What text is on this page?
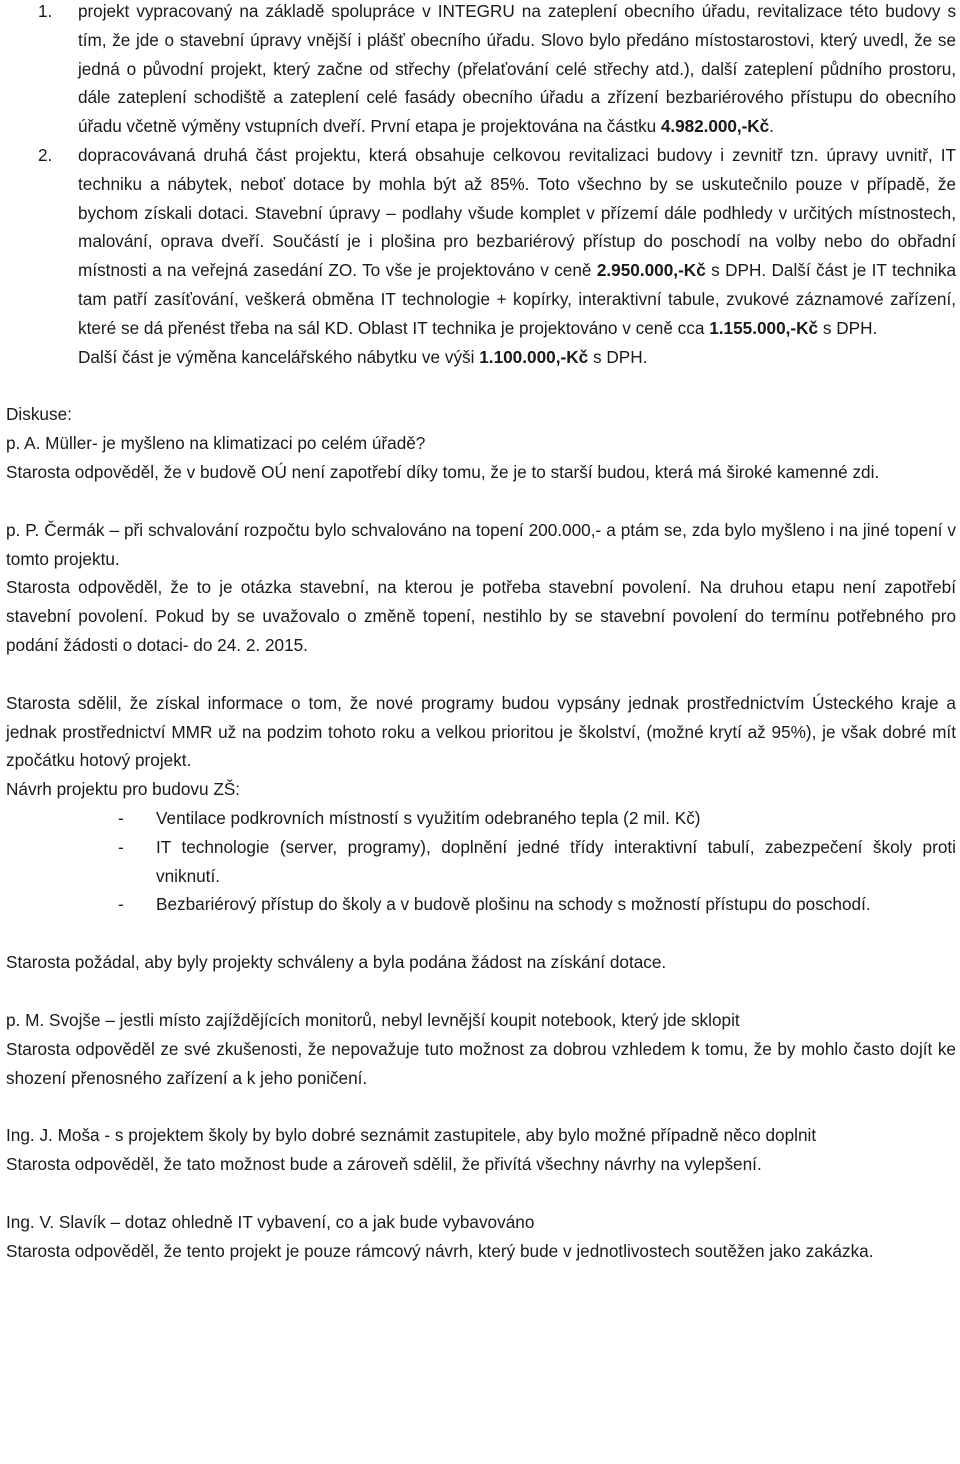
1.	projekt vypracovaný na základě spolupráce v INTEGRU na zateplení obecního úřadu, revitalizace této budovy s tím, že jde o stavební úpravy vnější i plášť obecního úřadu. Slovo bylo předáno místostarostovi, který uvedl, že se jedná o původní projekt, který začne od střechy (přelaťování celé střechy atd.), další zateplení půdního prostoru, dále zateplení schodiště a zateplení celé fasády obecního úřadu a zřízení bezbariérového přístupu do obecního úřadu včetně výměny vstupních dveří. První etapa je projektována na částku 4.982.000,-Kč.
2.	dopracovávaná druhá část projektu, která obsahuje celkovou revitalizaci budovy i zevnitř tzn. úpravy uvnitř, IT techniku a nábytek, neboť dotace by mohla být až 85%. Toto všechno by se uskutečnilo pouze v případě, že bychom získali dotaci. Stavební úpravy – podlahy všude komplet v přízemí dále podhledy v určitých místnostech, malování, oprava dveří. Součástí je i plošina pro bezbariérový přístup do poschodí na volby nebo do obřadní místnosti a na veřejná zasedání ZO. To vše je projektováno v ceně 2.950.000,-Kč s DPH. Další část je IT technika tam patří zasíťování, veškerá obměna IT technologie + kopírky, interaktivní tabule, zvukové záznamové zařízení, které se dá přenést třeba na sál KD. Oblast IT technika je projektováno v ceně cca 1.155.000,-Kč s DPH.
Další část je výměna kancelářského nábytku ve výši 1.100.000,-Kč s DPH.

Diskuse:

p. A. Müller- je myšleno na klimatizaci po celém úřadě?

Starosta odpověděl, že v budově OÚ není zapotřebí díky tomu, že je to starší budou, která má široké kamenné zdi.

p. P. Čermák – při schvalování rozpočtu bylo schvalováno na topení 200.000,- a ptám se, zda bylo myšleno i na jiné topení v tomto projektu.

Starosta odpověděl, že to je otázka stavební, na kterou je potřeba stavební povolení. Na druhou etapu není zapotřebí stavební povolení. Pokud by se uvažovalo o změně topení, nestihlo by se stavební povolení do termínu potřebného pro podání žádosti o dotaci- do 24. 2. 2015.

Starosta sdělil, že získal informace o tom, že nové programy budou vypsány jednak prostřednictvím Ústeckého kraje a jednak prostřednictví MMR už na podzim tohoto roku a velkou prioritou je školství, (možné krytí až 95%), je však dobré mít zpočátku hotový projekt.

Návrh projektu pro budovu ZŠ:

-	Ventilace podkrovních místností s využitím odebraného tepla (2 mil. Kč)
-	IT technologie (server, programy), doplnění jedné třídy interaktivní tabulí, zabezpečení školy proti vniknutí.
-	Bezbariérový přístup do školy a v budově plošinu na schody s možností přístupu do poschodí.

Starosta požádal, aby byly projekty schváleny a byla podána žádost na získání dotace.

p. M. Svojše – jestli místo zajíždějících monitorů, nebyl levnější koupit notebook, který jde sklopit

Starosta odpověděl ze své zkušenosti, že nepovažuje tuto možnost za dobrou vzhledem k tomu, že by mohlo často dojít ke shození přenosného zařízení a k jeho poničení.

Ing. J. Moša - s projektem školy by bylo dobré seznámit zastupitele, aby bylo možné případně něco doplnit

Starosta odpověděl, že tato možnost bude a zároveň sdělil, že přivítá všechny návrhy na vylepšení.

Ing. V. Slavík – dotaz ohledně IT vybavení, co a jak bude vybavováno

Starosta odpověděl, že tento projekt je pouze rámcový návrh, který bude v jednotlivostech soutěžen jako zakázka.
